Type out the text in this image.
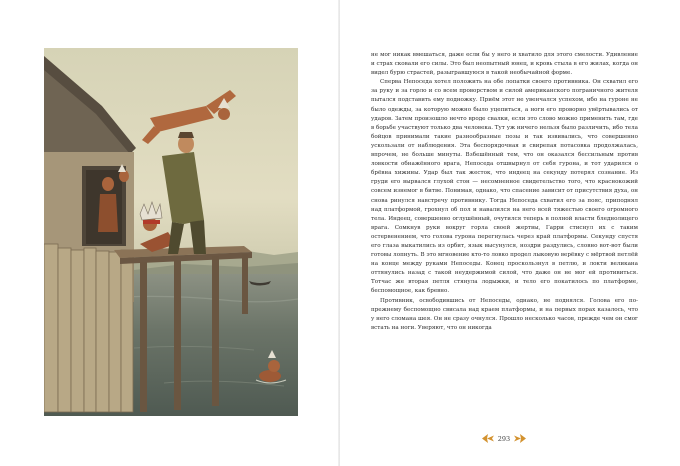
не мог никак вмешаться, даже если бы у него и хватило для этого смелости. Удивление и страх сковали его силы. Это был неопытный юнец, и кровь стыла в его жилах, когда он видел бурю страстей, разыгравшуюся в такой необычайной форме.

Сперва Непоседа хотел положить на обе лопатки своего противника. Он схватил его за руку и за горло и со всем проворством и силой американского пограничного жителя пытался подставить ему подножку. Приём этот не увенчался успехом, ибо на гуроне не было одежды, за которую можно было уцепиться, а ноги его проворно увёртывались от ударов. Затем произошло нечто вроде свалки, если это слово можно применить там, где в борьбе участвуют только два человека. Тут уж ничего нельзя было различить, ибо тела бойцов принимали такие разнообразные позы и так извивались, что совершенно ускользали от наблюдения. Эта беспорядочная и свирепая потасовка продолжалась, впрочем, не больше минуты. Взбешённый тем, что он оказался бессильным против ловкости обнажённого врага, Непоседа отшвырнул от себя гурона, и тот ударился о брёвна хижины. Удар был так жесток, что индеец на секунду потерял сознание. Из груди его вырвался глухой стон — несомненное свидетельство того, что краснокожий совсем изнемог в битве. Понимая, однако, что спасение зависит от присутствия духа, он снова ринулся навстречу противнику. Тогда Непоседа схватил его за пояс, приподнял над платформой, грохнул об пол и навалился на него всей тяжестью своего огромного тела. Индеец, совершенно оглушённый, очутился теперь в полной власти бледнолицего врага. Сомкнув руки вокруг горла своей жертвы, Гарри стиснул их с таким остервенением, что голова гурона перегнулась через край платформы. Секунду спустя его глаза выкатились из орбит, язык высунулся, ноздри раздулись, словно вот-вот были готовы лопнуть. В это мгновение кто-то ловко продел лыковую верёвку с мёртвой петлёй на конце между руками Непоседы. Конец проскользнул в петлю, и локти великана оттянулись назад с такой неудержимой силой, что даже он не мог ей противиться. Тотчас же вторая петля стянула лодыжки, и тело его покатилось по платформе, беспомощное, как бревно.

Противник, освободившись от Непоседы, однако, не поднялся. Голова его по-прежнему беспомощно свисала над краем платформы, и на первых порах казалось, что у него сломана шея. Он не сразу очнулся. Прошло несколько часов, прежде чем он смог встать на ноги. Уверяют, что он никогда

293
